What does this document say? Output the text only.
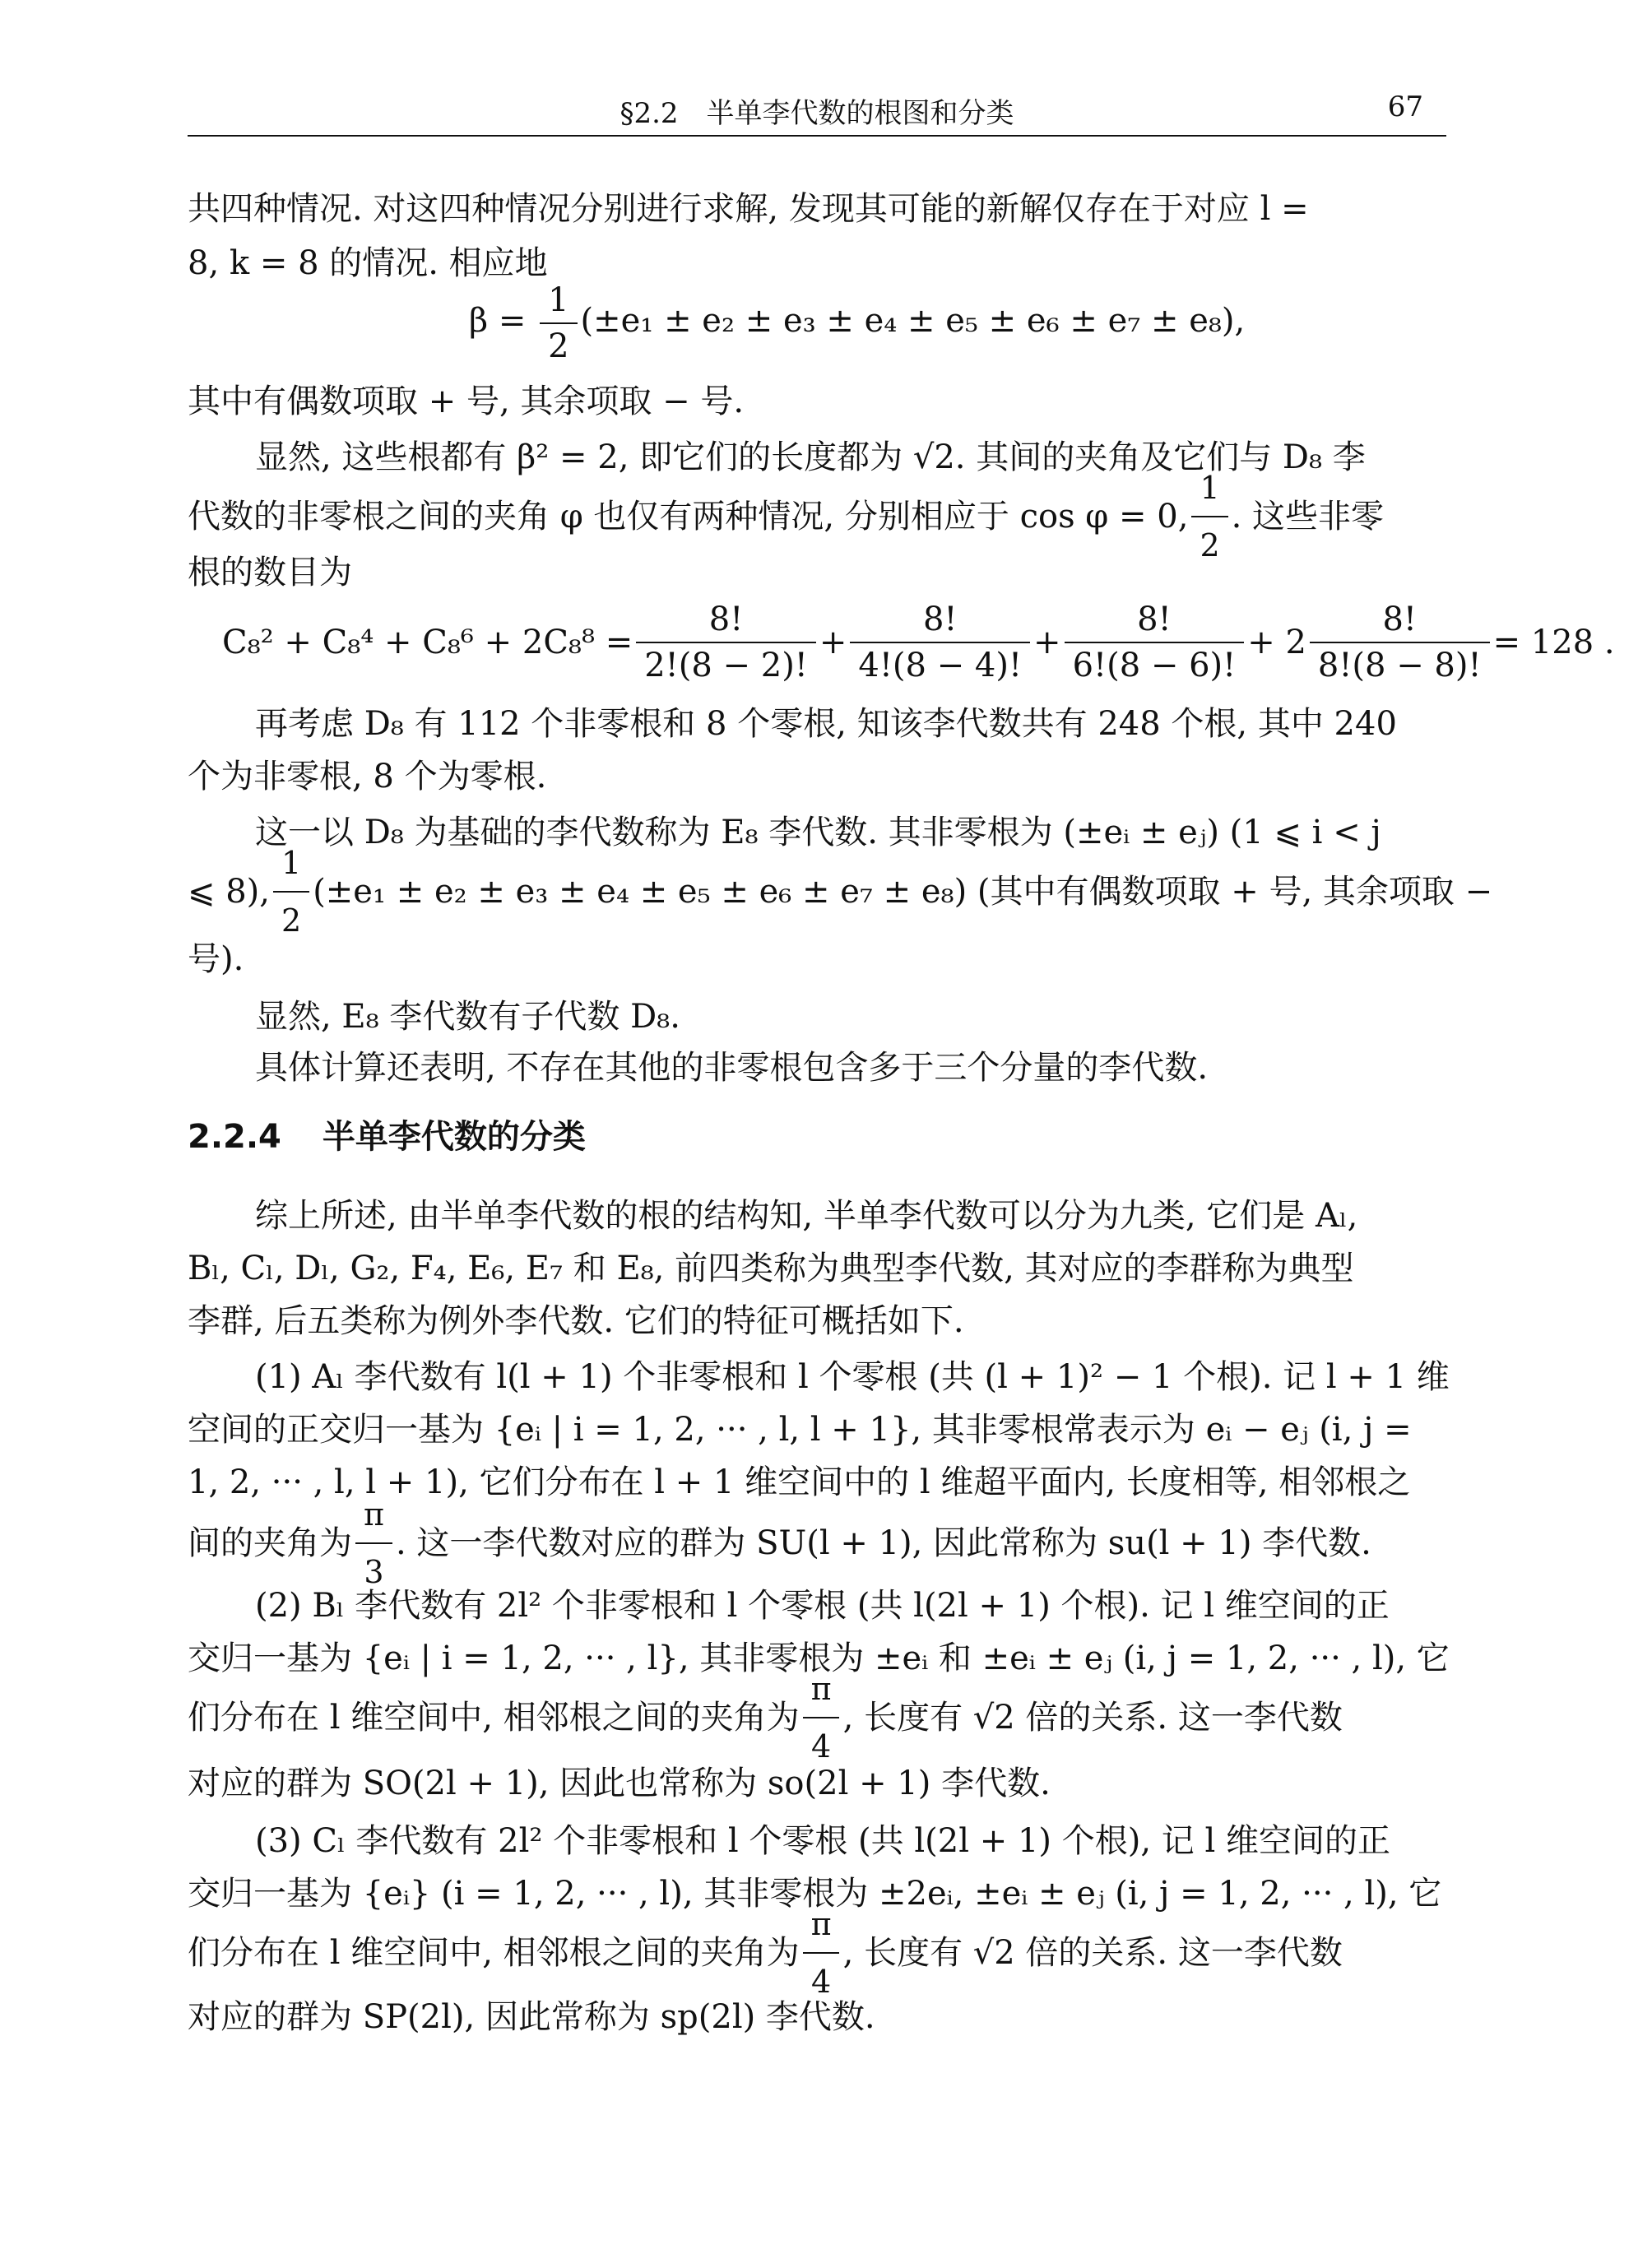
§2.2　半单李代数的根图和分类	67
共四种情况. 对这四种情况分别进行求解, 发现其可能的新解仅存在于对应 l =
8, k = 8 的情况. 相应地
$\beta = \frac{1}{2} (\pm e_1 \pm e_2 \pm e_3 \pm e_4 \pm e_5 \pm e_6 \pm e_7 \pm e_8)$,
其中有偶数项取 + 号, 其余项取 − 号.
显然, 这些根都有 β² = 2, 即它们的长度都为 √2. 其间的夹角及它们与 D₈ 李
代数的非零根之间的夹角 φ 也仅有两种情况, 分别相应于 cos φ = 0, $\frac{1}{2}$ . 这些非零
根的数目为
$C_8^2 + C_8^4 + C_8^6 + 2C_8^8 = \frac{8!}{2!(8 - 2)!} + \frac{8!}{4!(8 - 4)!} + \frac{8!}{6!(8 - 6)!} + 2 \frac{8!}{8!(8 - 8)!} = 128$ .
再考虑 D₈ 有 112 个非零根和 8 个零根, 知该李代数共有 248 个根, 其中 240
个为非零根, 8 个为零根.
这一以 D₈ 为基础的李代数称为 E₈ 李代数. 其非零根为 (±eᵢ ± eⱼ) (1 ⩽ i < j
⩽ 8), $\frac{1}{2} (\pm e_1 \pm e_2 \pm e_3 \pm e_4 \pm e_5 \pm e_6 \pm e_7 \pm e_8)$ (其中有偶数项取 + 号, 其余项取 −
号).
显然, E₈ 李代数有子代数 D₈.
具体计算还表明, 不存在其他的非零根包含多于三个分量的李代数.
2.2.4 半单李代数的分类
综上所述, 由半单李代数的根的结构知, 半单李代数可以分为九类, 它们是 Aₗ,
Bₗ, Cₗ, Dₗ, G₂, F₄, E₆, E₇ 和 E₈, 前四类称为典型李代数, 其对应的李群称为典型
李群, 后五类称为例外李代数. 它们的特征可概括如下.
(1) Aₗ 李代数有 l(l + 1) 个非零根和 l 个零根 (共 (l + 1)² − 1 个根). 记 l + 1 维
空间的正交归一基为 {eᵢ | i = 1, 2, ··· , l, l + 1}, 其非零根常表示为 eᵢ − eⱼ (i, j =
1, 2, ··· , l, l + 1), 它们分布在 l + 1 维空间中的 l 维超平面内, 长度相等, 相邻根之
间的夹角为 $\frac{\pi}{3}$ . 这一李代数对应的群为 SU(l + 1), 因此常称为 su(l + 1) 李代数.
(2) Bₗ 李代数有 2l² 个非零根和 l 个零根 (共 l(2l + 1) 个根). 记 l 维空间的正
交归一基为 {eᵢ | i = 1, 2, ··· , l}, 其非零根为 ±eᵢ 和 ±eᵢ ± eⱼ (i, j = 1, 2, ··· , l), 它
们分布在 l 维空间中, 相邻根之间的夹角为 $\frac{\pi}{4}$ , 长度有 √2 倍的关系. 这一李代数
对应的群为 SO(2l + 1), 因此也常称为 so(2l + 1) 李代数.
(3) Cₗ 李代数有 2l² 个非零根和 l 个零根 (共 l(2l + 1) 个根), 记 l 维空间的正
交归一基为 {eᵢ} (i = 1, 2, ··· , l), 其非零根为 ±2eᵢ, ±eᵢ ± eⱼ (i, j = 1, 2, ··· , l), 它
们分布在 l 维空间中, 相邻根之间的夹角为 $\frac{\pi}{4}$ , 长度有 √2 倍的关系. 这一李代数
对应的群为 SP(2l), 因此常称为 sp(2l) 李代数.
